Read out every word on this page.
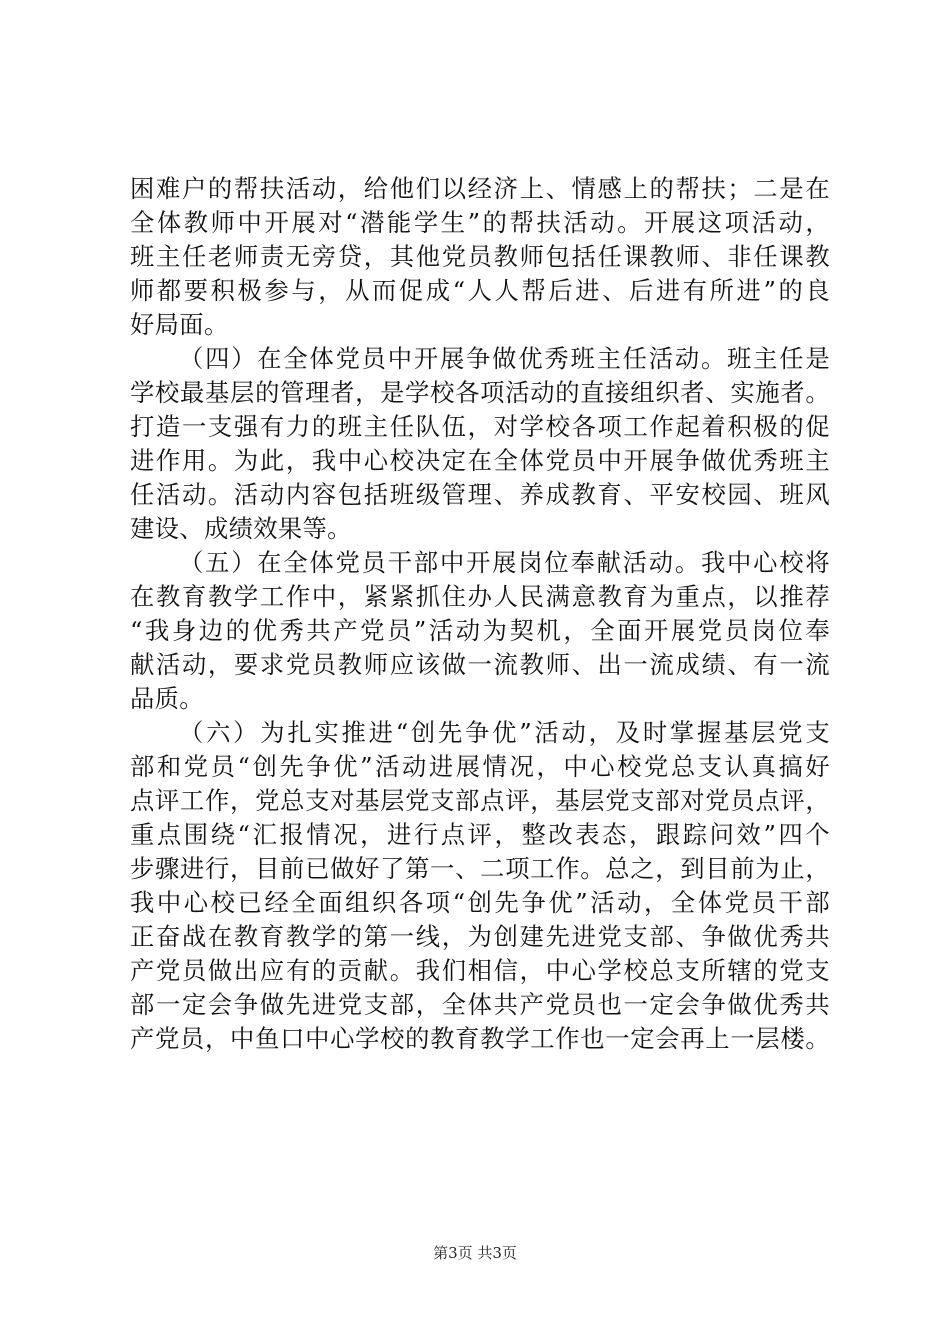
困难户的帮扶活动，给他们以经济上、情感上的帮扶；二是在
全体教师中开展对“潜能学生”的帮扶活动。开展这项活动，
班主任老师责无旁贷，其他党员教师包括任课教师、非任课教
师都要积极参与，从而促成“人人帮后进、后进有所进”的良
好局面。
（四）在全体党员中开展争做优秀班主任活动。班主任是
学校最基层的管理者，是学校各项活动的直接组织者、实施者。
打造一支强有力的班主任队伍，对学校各项工作起着积极的促
进作用。为此，我中心校决定在全体党员中开展争做优秀班主
任活动。活动内容包括班级管理、养成教育、平安校园、班风
建设、成绩效果等。
（五）在全体党员干部中开展岗位奉献活动。我中心校将
在教育教学工作中，紧紧抓住办人民满意教育为重点，以推荐
“我身边的优秀共产党员”活动为契机，全面开展党员岗位奉
献活动，要求党员教师应该做一流教师、出一流成绩、有一流
品质。
（六）为扎实推进“创先争优”活动，及时掌握基层党支
部和党员“创先争优”活动进展情况，中心校党总支认真搞好
点评工作，党总支对基层党支部点评，基层党支部对党员点评，
重点围绕“汇报情况，进行点评，整改表态，跟踪问效”四个
步骤进行，目前已做好了第一、二项工作。总之，到目前为止，
我中心校已经全面组织各项“创先争优”活动，全体党员干部
正奋战在教育教学的第一线，为创建先进党支部、争做优秀共
产党员做出应有的贡献。我们相信，中心学校总支所辖的党支
部一定会争做先进党支部，全体共产党员也一定会争做优秀共
产党员，中鱼口中心学校的教育教学工作也一定会再上一层楼。
第3页 共3页
